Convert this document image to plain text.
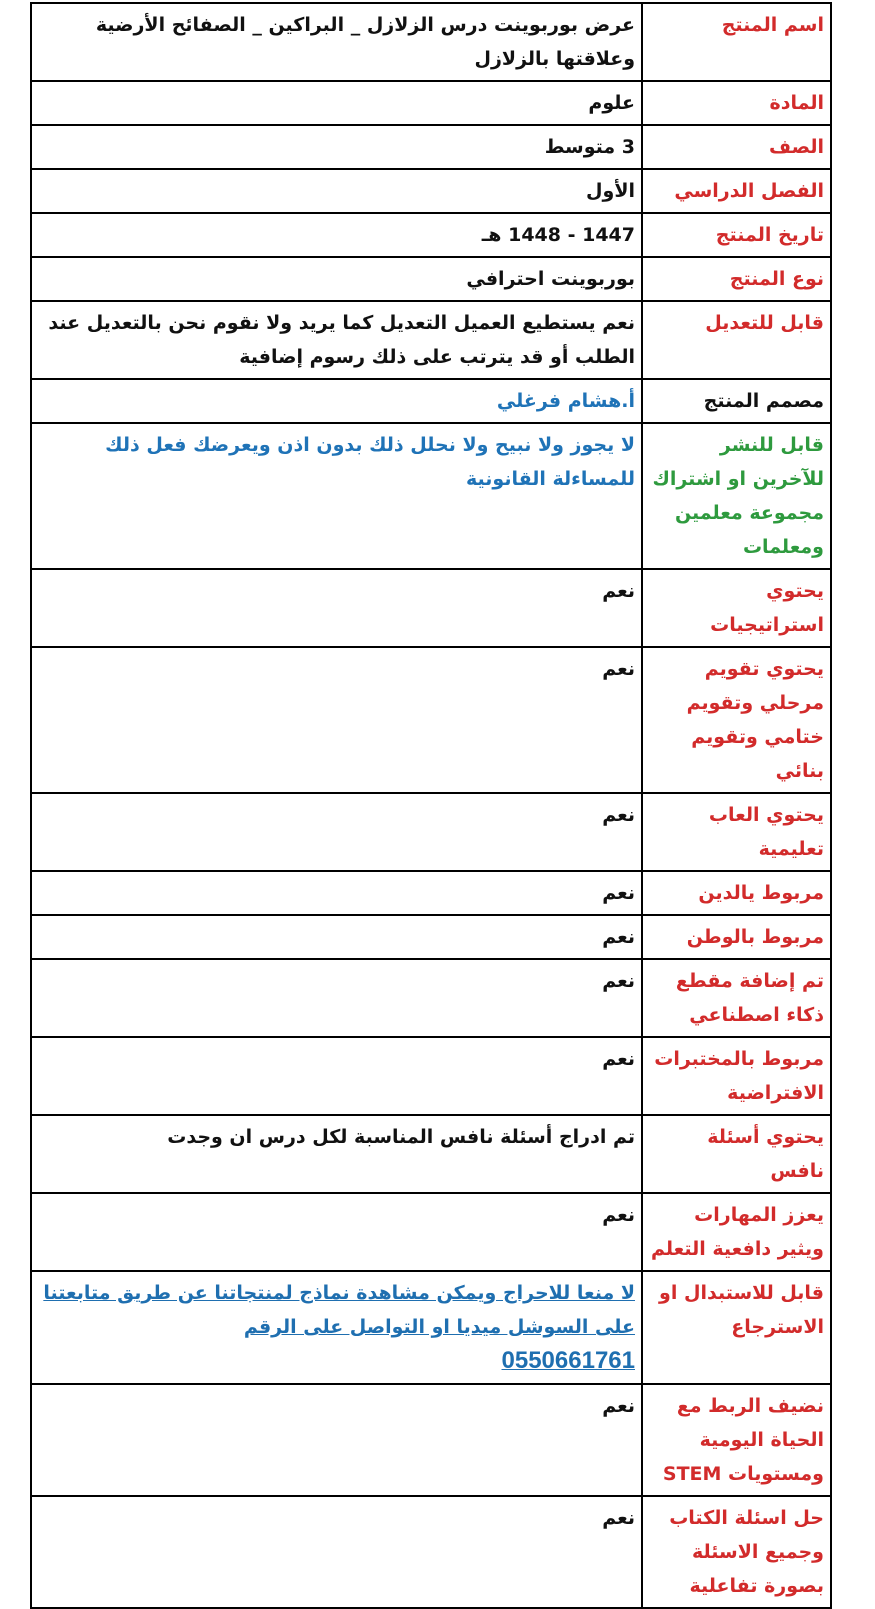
اسم المنتج	عرض بوربوينت درس الزلازل _ البراكين _ الصفائح الأرضية وعلاقتها بالزلازل
المادة	علوم
الصف	3 متوسط
الفصل الدراسي	الأول
تاريخ المنتج	1447 - 1448 هـ
نوع المنتج	بوربوينت احترافي
قابل للتعديل	نعم يستطيع العميل التعديل كما يريد ولا نقوم نحن بالتعديل عند الطلب أو قد يترتب على ذلك رسوم إضافية
مصمم المنتج	أ.هشام فرغلي
قابل للنشر للآخرين او اشتراك مجموعة معلمين ومعلمات	لا يجوز ولا نبيح ولا نحلل ذلك بدون اذن ويعرضك فعل ذلك للمساءلة القانونية
يحتوي استراتيجيات	نعم
يحتوي تقويم مرحلي وتقويم ختامي وتقويم بنائي	نعم
يحتوي العاب تعليمية	نعم
مربوط يالدين	نعم
مربوط بالوطن	نعم
تم إضافة مقطع ذكاء اصطناعي	نعم
مربوط بالمختبرات الافتراضية	نعم
يحتوي أسئلة نافس	تم ادراج أسئلة نافس المناسبة لكل درس ان وجدت
يعزز المهارات ويثير دافعية التعلم	نعم
قابل للاستبدال او الاسترجاع	لا منعا للاحراج ويمكن مشاهدة نماذج لمنتجاتنا عن طريق متابعتنا على السوشل ميديا او التواصل على الرقم
0550661761
نضيف الربط مع الحياة اليومية ومستويات STEM	نعم
حل اسئلة الكتاب وجميع الاسئلة بصورة تفاعلية	نعم
